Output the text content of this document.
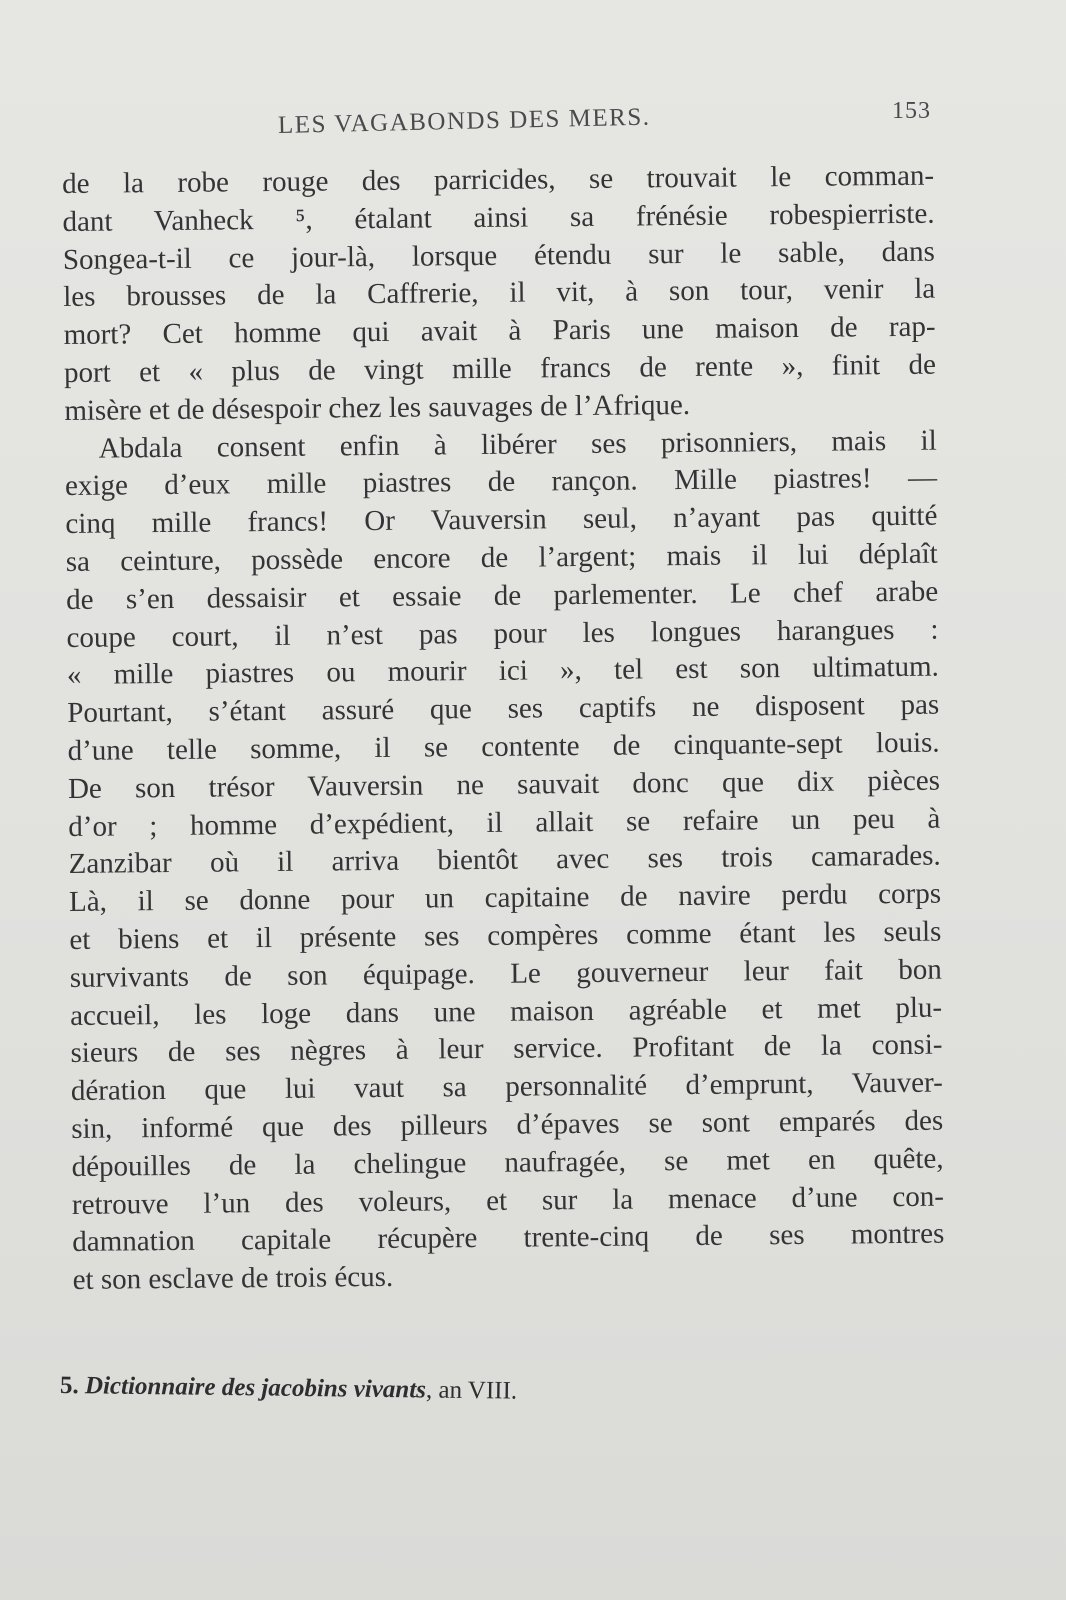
LES VAGABONDS DES MERS.	153
de la robe rouge des parricides, se trouvait le comman-
dant Vanheck ⁵, étalant ainsi sa frénésie robespierriste.
Songea-t-il ce jour-là, lorsque étendu sur le sable, dans
les brousses de la Caffrerie, il vit, à son tour, venir la
mort? Cet homme qui avait à Paris une maison de rap-
port et « plus de vingt mille francs de rente », finit de
misère et de désespoir chez les sauvages de l’Afrique.
Abdala consent enfin à libérer ses prisonniers, mais il
exige d’eux mille piastres de rançon. Mille piastres! —
cinq mille francs! Or Vauversin seul, n’ayant pas quitté
sa ceinture, possède encore de l’argent; mais il lui déplaît
de s’en dessaisir et essaie de parlementer. Le chef arabe
coupe court, il n’est pas pour les longues harangues :
« mille piastres ou mourir ici », tel est son ultimatum.
Pourtant, s’étant assuré que ses captifs ne disposent pas
d’une telle somme, il se contente de cinquante-sept louis.
De son trésor Vauversin ne sauvait donc que dix pièces
d’or ; homme d’expédient, il allait se refaire un peu à
Zanzibar où il arriva bientôt avec ses trois camarades.
Là, il se donne pour un capitaine de navire perdu corps
et biens et il présente ses compères comme étant les seuls
survivants de son équipage. Le gouverneur leur fait bon
accueil, les loge dans une maison agréable et met plu-
sieurs de ses nègres à leur service. Profitant de la consi-
dération que lui vaut sa personnalité d’emprunt, Vauver-
sin, informé que des pilleurs d’épaves se sont emparés des
dépouilles de la chelingue naufragée, se met en quête,
retrouve l’un des voleurs, et sur la menace d’une con-
damnation capitale récupère trente-cinq de ses montres
et son esclave de trois écus.
5. Dictionnaire des jacobins vivants, an VIII.
